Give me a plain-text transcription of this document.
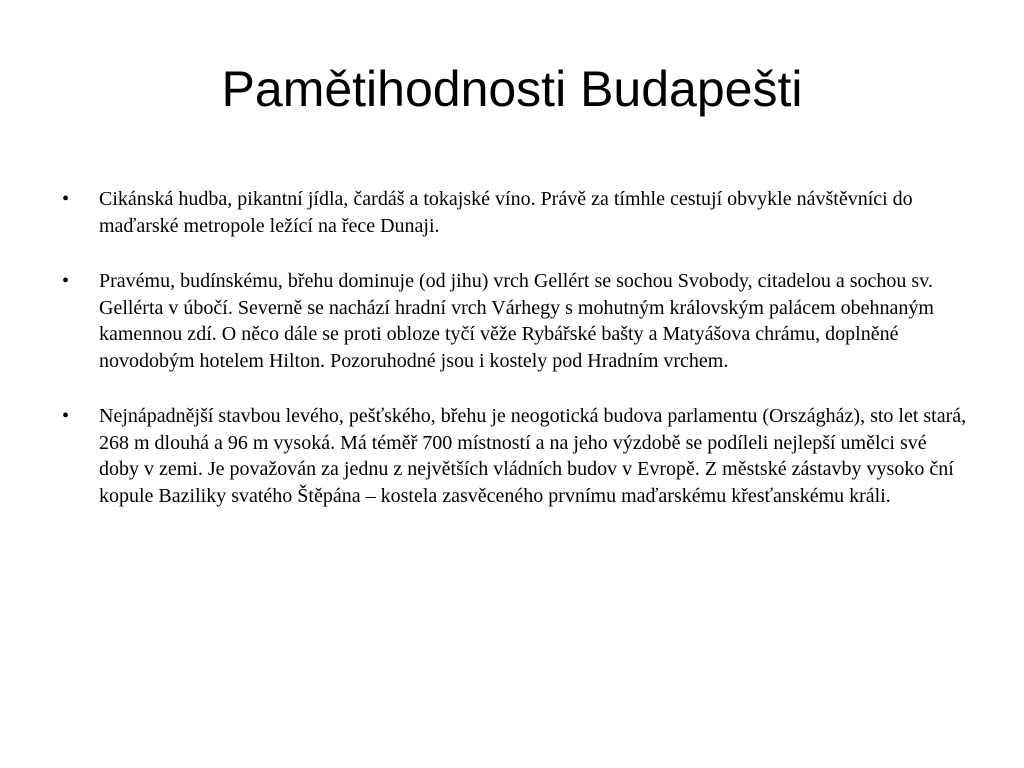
Pamětihodnosti Budapešti
•	Cikánská hudba, pikantní jídla, čardáš a tokajské víno. Právě za tímhle cestují obvykle návštěvníci do maďarské metropole ležící na řece Dunaji.
•	Pravému, budínskému, břehu dominuje (od jihu) vrch Gellért se sochou Svobody, citadelou a sochou sv. Gellérta v úbočí. Severně se nachází hradní vrch Várhegy s mohutným královským palácem obehnaným kamennou zdí. O něco dále se proti obloze tyčí věže Rybářské bašty a Matyášova chrámu, doplněné novodobým hotelem Hilton. Pozoruhodné jsou i kostely pod Hradním vrchem.
•	Nejnápadnější stavbou levého, pešťského, břehu je neogotická budova parlamentu (Országház), sto let stará, 268 m dlouhá a 96 m vysoká. Má téměř 700 místností a na jeho výzdobě se podíleli nejlepší umělci své doby v zemi. Je považován za jednu z největších vládních budov v Evropě. Z městské zástavby vysoko ční kopule Baziliky svatého Štěpána – kostela zasvěceného prvnímu maďarskému křesťanskému králi.
